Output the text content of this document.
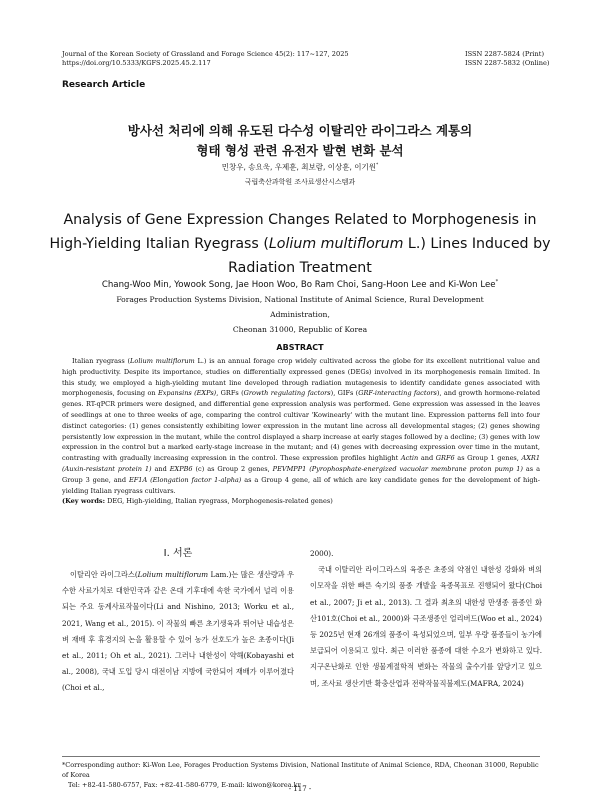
Journal of the Korean Society of Grassland and Forage Science 45(2): 117~127, 2025
https://doi.org/10.5333/KGFS.2025.45.2.117
ISSN 2287-5824 (Print)
ISSN 2287-5832 (Online)
Research Article
방사선 처리에 의해 유도된 다수성 이탈리안 라이그라스 계통의
형태 형성 관련 유전자 발현 변화 분석
민창우, 송요욱, 우제훈, 최보람, 이상훈, 이기원*
국립축산과학원 조사료생산시스템과
Analysis of Gene Expression Changes Related to Morphogenesis in
High-Yielding Italian Ryegrass (Lolium multiflorum L.) Lines Induced by
Radiation Treatment
Chang-Woo Min, Yowook Song, Jae Hoon Woo, Bo Ram Choi, Sang-Hoon Lee and Ki-Won Lee*
Forages Production Systems Division, National Institute of Animal Science, Rural Development Administration,
Cheonan 31000, Republic of Korea
ABSTRACT

Italian ryegrass (Lolium multiflorum L.) is an annual forage crop widely cultivated across the globe for its excellent nutritional value and high productivity. Despite its importance, studies on differentially expressed genes (DEGs) involved in its morphogenesis remain limited. In this study, we employed a high-yielding mutant line developed through radiation mutagenesis to identify candidate genes associated with morphogenesis, focusing on Expansins (EXPs), GRFs (Growth regulating factors), GIFs (GRF-interacting factors), and growth hormone-related genes. RT-qPCR primers were designed, and differential gene expression analysis was performed. Gene expression was assessed in the leaves of seedlings at one to three weeks of age, comparing the control cultivar 'Kowinearly' with the mutant line. Expression patterns fell into four distinct categories: (1) genes consistently exhibiting lower expression in the mutant line across all developmental stages; (2) genes showing persistently low expression in the mutant, while the control displayed a sharp increase at early stages followed by a decline; (3) genes with low expression in the control but a marked early-stage increase in the mutant; and (4) genes with decreasing expression over time in the mutant, contrasting with gradually increasing expression in the control. These expression profiles highlight Actin and GRF6 as Group 1 genes, AXR1 (Auxin-resistant protein 1) and EXPB6 (c) as Group 2 genes, PEVMPP1 (Pyrophosphate-energized vacuolar membrane proton pump 1) as a Group 3 gene, and EF1A (Elongation factor 1-alpha) as a Group 4 gene, all of which are key candidate genes for the development of high-yielding Italian ryegrass cultivars.

(Key words: DEG, High-yielding, Italian ryegrass, Morphogenesis-related genes)
Ⅰ. 서론

이탈리안 라이그라스(Lolium multiflorum Lam.)는 많은 생산량과 우수한 사료가치로 대한민국과 같은 온대 기후대에 속한 국가에서 널리 이용되는 주요 동계사료작물이다(Li and Nishino, 2013; Worku et al., 2021, Wang et al., 2015). 이 작물의 빠른 초기생육과 뛰어난 내습성은 벼 재배 후 휴경지의 논을 활용할 수 있어 농가 선호도가 높은 초종이다(Ji et al., 2011; Oh et al., 2021). 그러나 내한성이 약해(Kobayashi et al., 2008), 국내 도입 당시 대전이남 지방에 국한되어 재배가 이루어졌다(Choi et al.,

2000).
국내 이탈리안 라이그라스의 육종은 초종의 약점인 내한성 강화와 벼의 이모작을 위한 빠른 숙기의 품종 개발을 육종목표로 진행되어 왔다(Choi et al., 2007; Ji et al., 2013). 그 결과 최초의 내한성 만생종 품종인 화산101호(Choi et al., 2000)와 극조생종인 얼리버드(Woo et al., 2024) 등 2025년 현재 26개의 품종이 육성되었으며, 일부 우량 품종들이 농가에 보급되어 이용되고 있다. 최근 이러한 품종에 대한 수요가 변화하고 있다. 지구온난화로 인한 생물계절학적 변화는 작물의 출수기를 앞당기고 있으며, 조사료 생산기반 확충산업과 전략작물직불제도(MAFRA, 2024)
*Corresponding author: Ki-Won Lee, Forages Production Systems Division, National Institute of Animal Science, RDA, Cheonan 31000, Republic of Korea
Tel: +82-41-580-6757, Fax: +82-41-580-6779, E-mail: kiwon@korea.kr
- 117 -
